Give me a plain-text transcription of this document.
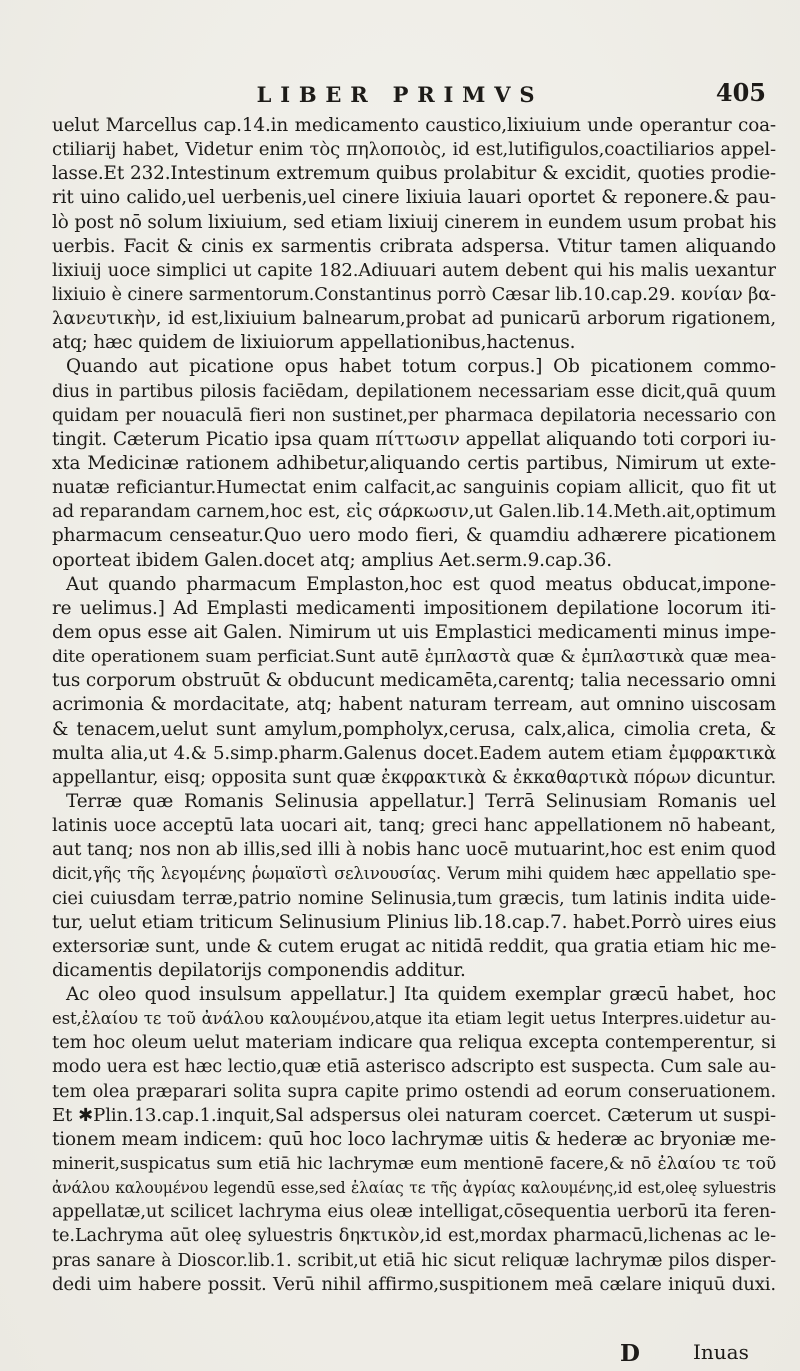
LIBER PRIMVS	405
uelut Marcellus cap.14.in medicamento caustico,lixiuium unde operantur coa-
ctiliarij habet, Videtur enim τὸς πηλοποιὸς, id est,lutifigulos,coactiliarios appel-
lasse.Et 232.Intestinum extremum quibus prolabitur & excidit, quoties prodie-
rit uino calido,uel uerbenis,uel cinere lixiuia lauari oportet & reponere.& pau-
lò post nō solum lixiuium, sed etiam lixiuij cinerem in eundem usum probat his
uerbis. Facit & cinis ex sarmentis cribrata adspersa. Vtitur tamen aliquando
lixiuij uoce simplici ut capite 182.Adiuuari autem debent qui his malis uexantur
lixiuio è cinere sarmentorum.Constantinus porrò Cæsar lib.10.cap.29. κονίαν βα-
λανευτικὴν, id est,lixiuium balnearum,probat ad punicarū arborum rigationem,
atq; hæc quidem de lixiuiorum appellationibus,hactenus.
Quando aut picatione opus habet totum corpus.] Ob picationem commo-
dius in partibus pilosis faciēdam, depilationem necessariam esse dicit,quā quum
quidam per nouaculā fieri non sustinet,per pharmaca depilatoria necessario con
tingit. Cæterum Picatio ipsa quam πίττωσιν appellat aliquando toti corpori iu-
xta Medicinæ rationem adhibetur,aliquando certis partibus, Nimirum ut exte-
nuatæ reficiantur.Humectat enim calfacit,ac sanguinis copiam allicit, quo fit ut
ad reparandam carnem,hoc est, εἰς σάρκωσιν,ut Galen.lib.14.Meth.ait,optimum
pharmacum censeatur.Quo uero modo fieri, & quamdiu adhærere picationem
oporteat ibidem Galen.docet atq; amplius Aet.serm.9.cap.36.
Aut quando pharmacum Emplaston,hoc est quod meatus obducat,impone-
re uelimus.] Ad Emplasti medicamenti impositionem depilatione locorum iti-
dem opus esse ait Galen. Nimirum ut uis Emplastici medicamenti minus impe-
dite operationem suam perficiat.Sunt autē ἐμπλαστὰ quæ & ἐμπλαστικὰ quæ mea-
tus corporum obstruūt & obducunt medicamēta,carentq; talia necessario omni
acrimonia & mordacitate, atq; habent naturam terream, aut omnino uiscosam
& tenacem,uelut sunt amylum,pompholyx,cerusa, calx,alica, cimolia creta, &
multa alia,ut 4.& 5.simp.pharm.Galenus docet.Eadem autem etiam ἐμφρακτικὰ
appellantur, eisq; opposita sunt quæ ἐκφρακτικὰ & ἐκκαθαρτικὰ πόρων dicuntur.
Terræ quæ Romanis Selinusia appellatur.] Terrā Selinusiam Romanis uel
latinis uoce acceptū lata uocari ait, tanq; greci hanc appellationem nō habeant,
aut tanq; nos non ab illis,sed illi à nobis hanc uocē mutuarint,hoc est enim quod
dicit,γῆς τῆς λεγομένης ῥωμαϊστὶ σελινουσίας. Verum mihi quidem hæc appellatio spe-
ciei cuiusdam terræ,patrio nomine Selinusia,tum græcis, tum latinis indita uide-
tur, uelut etiam triticum Selinusium Plinius lib.18.cap.7. habet.Porrò uires eius
extersoriæ sunt, unde & cutem erugat ac nitidā reddit, qua gratia etiam hic me-
dicamentis depilatorijs componendis additur.
Ac oleo quod insulsum appellatur.] Ita quidem exemplar græcū habet, hoc
est,ἐλαίου τε τοῦ ἀνάλου καλουμένου,atque ita etiam legit uetus Interpres.uidetur au-
tem hoc oleum uelut materiam indicare qua reliqua excepta contemperentur, si
modo uera est hæc lectio,quæ etiā asterisco adscripto est suspecta. Cum sale au-
tem olea præparari solita supra capite primo ostendi ad eorum conseruationem.
Et ✱Plin.13.cap.1.inquit,Sal adspersus olei naturam coercet. Cæterum ut suspi-
tionem meam indicem: quū hoc loco lachrymæ uitis & hederæ ac bryoniæ me-
minerit,suspicatus sum etiā hic lachrymæ eum mentionē facere,& nō ἐλαίου τε τοῦ
ἀνάλου καλουμένου legendū esse,sed ἐλαίας τε τῆς ἀγρίας καλουμένης,id est,oleę syluestris
appellatæ,ut scilicet lachryma eius oleæ intelligat,cōsequentia uerborū ita feren-
te.Lachryma aūt oleę syluestris δηκτικὸν,id est,mordax pharmacū,lichenas ac le-
pras sanare à Dioscor.lib.1. scribit,ut etiā hic sicut reliquæ lachrymæ pilos disper-
dedi uim habere possit. Verū nihil affirmo,suspitionem meā cælare iniquū duxi.
D	Inuas
